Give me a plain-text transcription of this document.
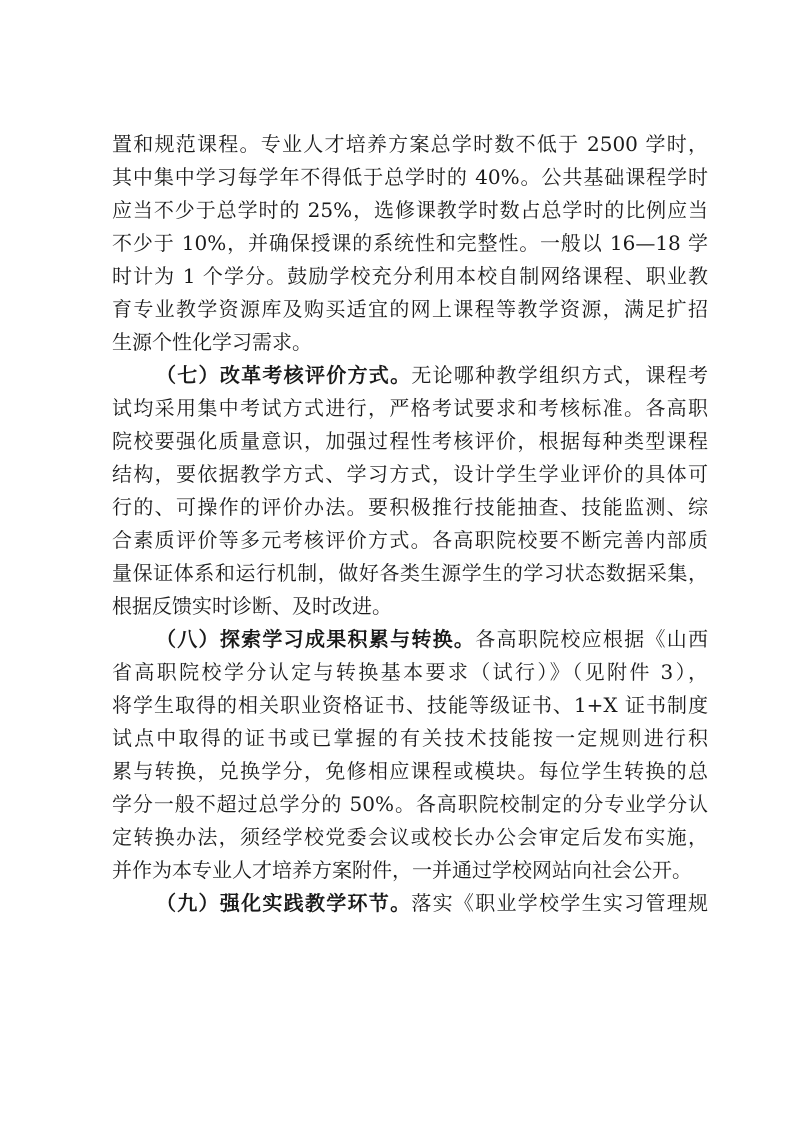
置和规范课程。专业人才培养方案总学时数不低于 2500 学时，
其中集中学习每学年不得低于总学时的 40%。公共基础课程学时
应当不少于总学时的 25%，选修课教学时数占总学时的比例应当
不少于 10%，并确保授课的系统性和完整性。一般以 16—18 学
时计为 1 个学分。鼓励学校充分利用本校自制网络课程、职业教
育专业教学资源库及购买适宜的网上课程等教学资源，满足扩招
生源个性化学习需求。
（七）改革考核评价方式。无论哪种教学组织方式，课程考
试均采用集中考试方式进行，严格考试要求和考核标准。各高职
院校要强化质量意识，加强过程性考核评价，根据每种类型课程
结构，要依据教学方式、学习方式，设计学生学业评价的具体可
行的、可操作的评价办法。要积极推行技能抽查、技能监测、综
合素质评价等多元考核评价方式。各高职院校要不断完善内部质
量保证体系和运行机制，做好各类生源学生的学习状态数据采集，
根据反馈实时诊断、及时改进。
（八）探索学习成果积累与转换。各高职院校应根据《山西
省高职院校学分认定与转换基本要求（试行）》（见附件 3），
将学生取得的相关职业资格证书、技能等级证书、1+X 证书制度
试点中取得的证书或已掌握的有关技术技能按一定规则进行积
累与转换，兑换学分，免修相应课程或模块。每位学生转换的总
学分一般不超过总学分的 50%。各高职院校制定的分专业学分认
定转换办法，须经学校党委会议或校长办公会审定后发布实施，
并作为本专业人才培养方案附件，一并通过学校网站向社会公开。
（九）强化实践教学环节。落实《职业学校学生实习管理规
